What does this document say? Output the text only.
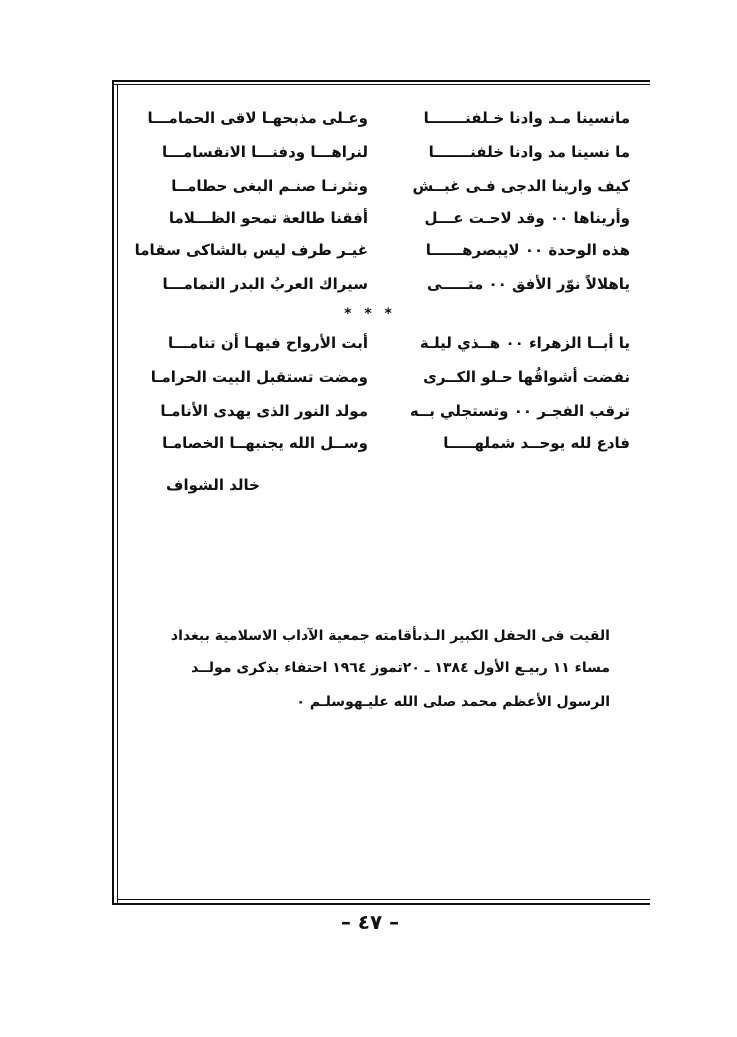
مانسينا مـد وادنا خـلفنـــــــا
وعـلى مذبحهـا لاقى الحمامـــا
ما نسينا مد وادنا خلفنـــــــا
لنراهـــا ودفنـــا الانقسامـــا
كيف وارينا الدجى فـى غبــش
ونثرنـا صنـم البغى حطامــا
وأريناها ٠٠ وقد لاحـت عـــل
أفقنا طالعة تمحو الظـــلاما
هذه الوحدة ٠٠ لايبصرهــــــا
غيـر طرف ليس بالشاكى سقاما
ياهلالاً نوّر الأفق ٠٠ متـــــى
سيراك العربُ البدر التمامـــا
* * *
يا أبــا الزهراء ٠٠ هــذي ليلـة
أبت الأرواح فيهـا أن تنامـــا
نفضت أشواقُها حـلو الكــرى
ومضت تستقبل البيت الحرامـا
ترقب الفجـر ٠٠ وتستجلي بــه
مولد النور الذى يهدى الأنامـا
فادع لله يوحــد شملهـــــا
وســل الله يجنبهــا الخصامـا
خالد الشواف
القيت فى الحفل الكبير الـذىأقامته جمعية الآداب الاسلامية ببغداد
مساء ١١ ربيـع الأول ١٣٨٤ ـ ٢٠تموز ١٩٦٤ احتفاء بذكرى مولــد
الرسول الأعظم محمد صلى الله عليـهوسلـم ٠
– ٤٧ –
